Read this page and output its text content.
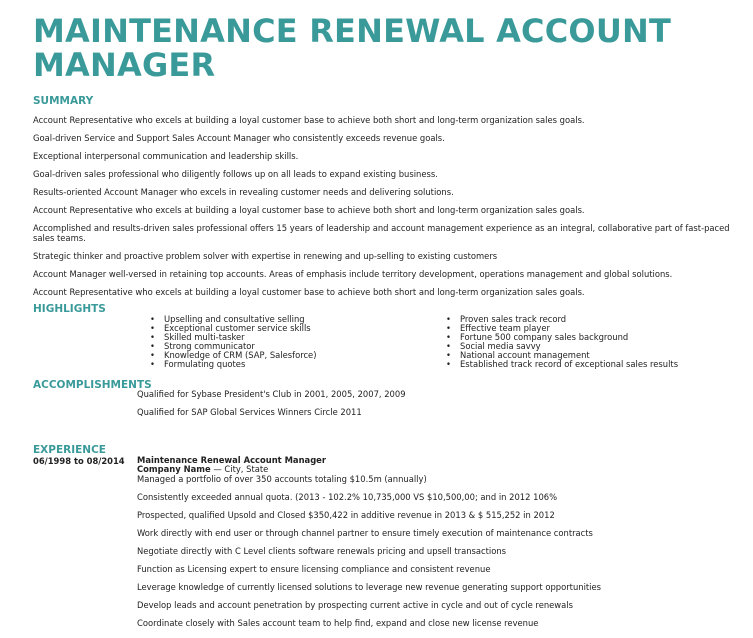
MAINTENANCE RENEWAL ACCOUNT MANAGER
SUMMARY

Account Representative who excels at building a loyal customer base to achieve both short and long-term organization sales goals.

Goal-driven Service and Support Sales Account Manager who consistently exceeds revenue goals.

Exceptional interpersonal communication and leadership skills.

Goal-driven sales professional who diligently follows up on all leads to expand existing business.

Results-oriented Account Manager who excels in revealing customer needs and delivering solutions.

Account Representative who excels at building a loyal customer base to achieve both short and long-term organization sales goals.

Accomplished and results-driven sales professional offers 15 years of leadership and account management experience as an integral, collaborative part of fast-paced sales teams.

Strategic thinker and proactive problem solver with expertise in renewing and up-selling to existing customers

Account Manager well-versed in retaining top accounts. Areas of emphasis include territory development, operations management and global solutions.

Account Representative who excels at building a loyal customer base to achieve both short and long-term organization sales goals.

HIGHLIGHTS
• Upselling and consultative selling
• Exceptional customer service skills
• Skilled multi-tasker
• Strong communicator
• Knowledge of CRM (SAP, Salesforce)
• Formulating quotes
• Proven sales track record
• Effective team player
• Fortune 500 company sales background
• Social media savvy
• National account management
• Established track record of exceptional sales results
ACCOMPLISHMENTS

Qualified for Sybase President's Club in 2001, 2005, 2007, 2009

Qualified for SAP Global Services Winners Circle 2011

EXPERIENCE
06/1998 to 08/2014 Maintenance Renewal Account Manager

Company Name — City, State

Managed a portfolio of over 350 accounts totaling $10.5m (annually)

Consistently exceeded annual quota. (2013 - 102.2% 10,735,000 VS $10,500,00; and in 2012 106%

Prospected, qualified Upsold and Closed $350,422 in additive revenue in 2013 & $ 515,252 in 2012

Work directly with end user or through channel partner to ensure timely execution of maintenance contracts

Negotiate directly with C Level clients software renewals pricing and upsell transactions

Function as Licensing expert to ensure licensing compliance and consistent revenue

Leverage knowledge of currently licensed solutions to leverage new revenue generating support opportunities

Develop leads and account penetration by prospecting current active in cycle and out of cycle renewals

Coordinate closely with Sales account team to help find, expand and close new license revenue
